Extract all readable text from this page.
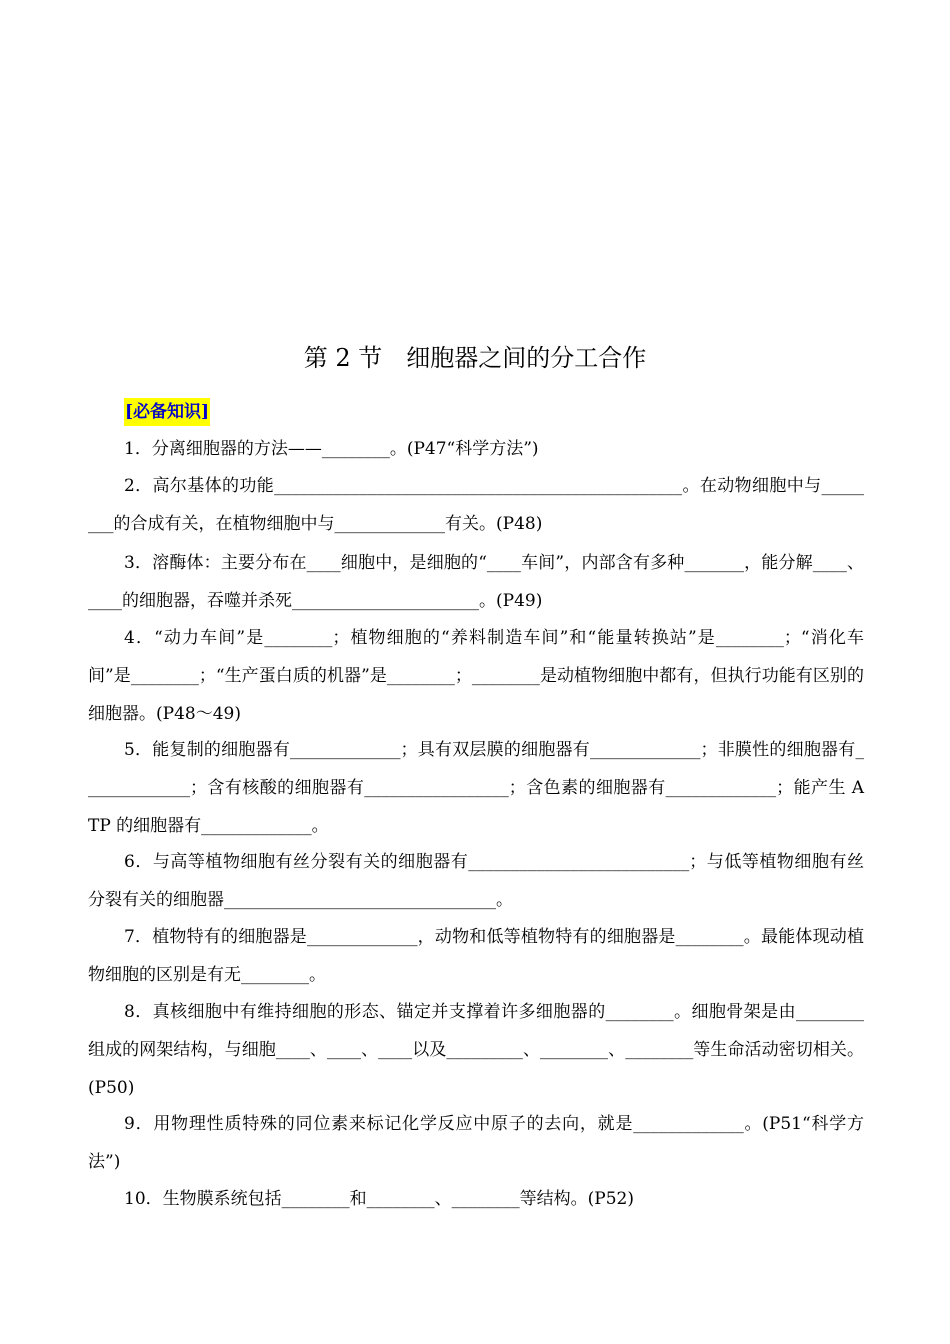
第 2 节　细胞器之间的分工合作
[必备知识]

1．分离细胞器的方法——________。(P47“科学方法”)

2．高尔基体的功能________________________________________________。在动物细胞中与________的合成有关，在植物细胞中与_____________有关。(P48)

3．溶酶体：主要分布在____细胞中，是细胞的“____车间”，内部含有多种_______，能分解____、____的细胞器，吞噬并杀死______________________。(P49)

4．“动力车间”是________；植物细胞的“养料制造车间”和“能量转换站”是________；“消化车间”是________；“生产蛋白质的机器”是________；________是动植物细胞中都有，但执行功能有区别的细胞器。(P48～49)

5．能复制的细胞器有_____________；具有双层膜的细胞器有_____________；非膜性的细胞器有_____________；含有核酸的细胞器有_________________；含色素的细胞器有_____________；能产生 ATP 的细胞器有_____________。

6．与高等植物细胞有丝分裂有关的细胞器有__________________________；与低等植物细胞有丝分裂有关的细胞器________________________________。

7．植物特有的细胞器是_____________，动物和低等植物特有的细胞器是________。最能体现动植物细胞的区别是有无________。

8．真核细胞中有维持细胞的形态、锚定并支撑着许多细胞器的________。细胞骨架是由________组成的网架结构，与细胞____、____、____以及_________、________、________等生命活动密切相关。(P50)

9．用物理性质特殊的同位素来标记化学反应中原子的去向，就是_____________。(P51“科学方法”)

10．生物膜系统包括________和________、________等结构。(P52)
